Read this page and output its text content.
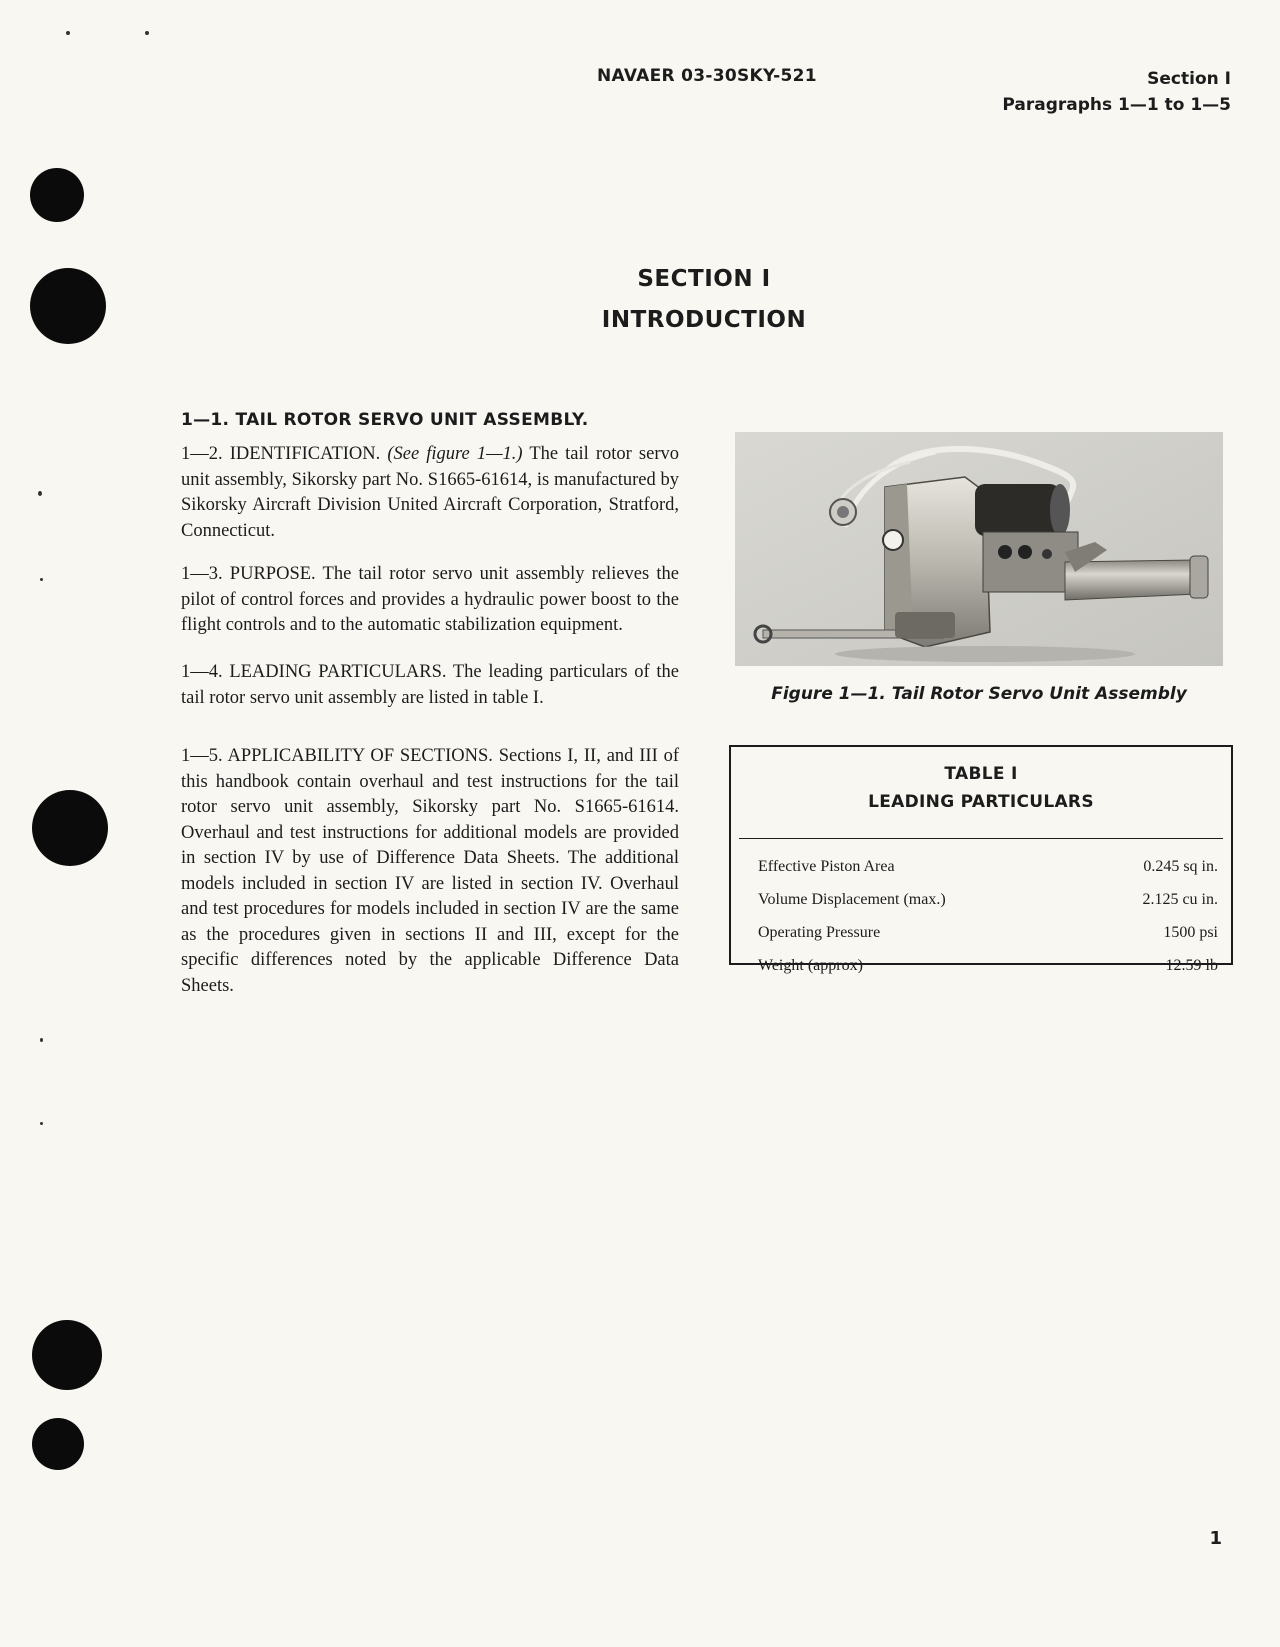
NAVAER 03-30SKY-521	Section I
Paragraphs 1—1 to 1—5
SECTION I
INTRODUCTION
1—1. TAIL ROTOR SERVO UNIT ASSEMBLY.
1—2. IDENTIFICATION. (See figure 1—1.) The tail rotor servo unit assembly, Sikorsky part No. S1665-61614, is manufactured by Sikorsky Aircraft Division United Aircraft Corporation, Stratford, Connecticut.
1—3. PURPOSE. The tail rotor servo unit assembly relieves the pilot of control forces and provides a hydraulic power boost to the flight controls and to the automatic stabilization equipment.
1—4. LEADING PARTICULARS. The leading particulars of the tail rotor servo unit assembly are listed in table I.
1—5. APPLICABILITY OF SECTIONS. Sections I, II, and III of this handbook contain overhaul and test instructions for the tail rotor servo unit assembly, Sikorsky part No. S1665-61614. Overhaul and test instructions for additional models are provided in section IV by use of Difference Data Sheets. The additional models included in section IV are listed in section IV. Overhaul and test procedures for models included in section IV are the same as the procedures given in sections II and III, except for the specific differences noted by the applicable Difference Data Sheets.
Figure 1—1. Tail Rotor Servo Unit Assembly
TABLE I
LEADING PARTICULARS
Effective Piston Area	0.245 sq in.
Volume Displacement (max.)	2.125 cu in.
Operating Pressure	1500 psi
Weight (approx)	12.59 lb
1
